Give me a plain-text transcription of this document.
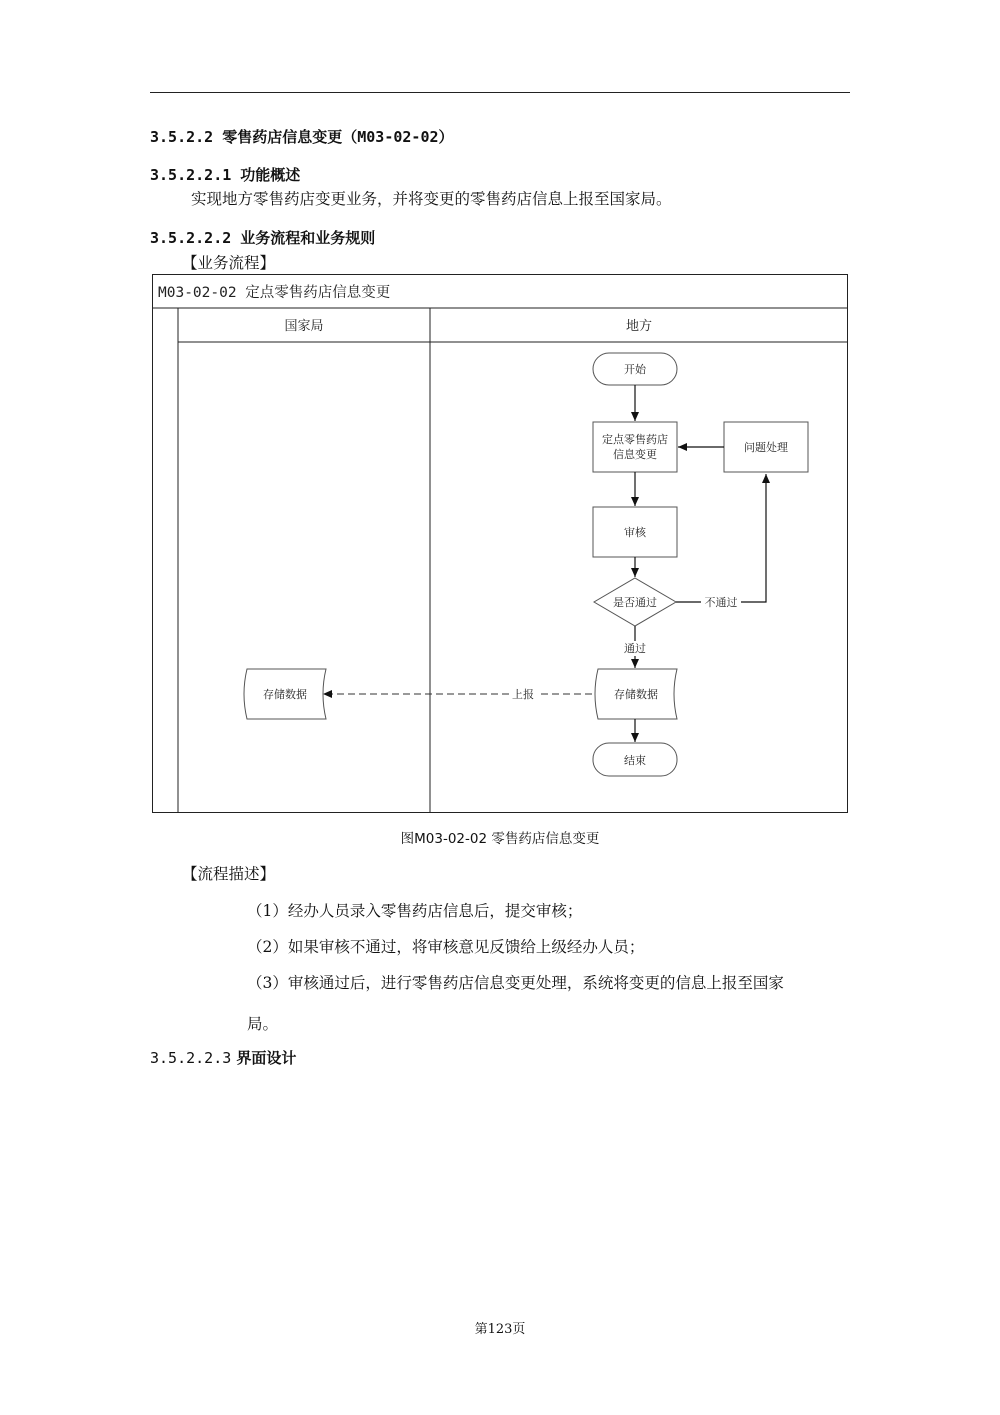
3.5.2.2 零售药店信息变更（M03-02-02）
3.5.2.2.1 功能概述
实现地方零售药店变更业务，并将变更的零售药店信息上报至国家局。
3.5.2.2.2 业务流程和业务规则
【业务流程】
M03-02-02 定点零售药店信息变更
国家局	地方
开始
定点零售药店
信息变更
问题处理
审核
是否通过	不通过
通过
存储数据
上报
存储数据
结束
图M03-02-02 零售药店信息变更
【流程描述】
（1）经办人员录入零售药店信息后，提交审核；
（2）如果审核不通过，将审核意见反馈给上级经办人员；
（3）审核通过后，进行零售药店信息变更处理，系统将变更的信息上报至国家
局。
3.5.2.2.3 界面设计
第123页
